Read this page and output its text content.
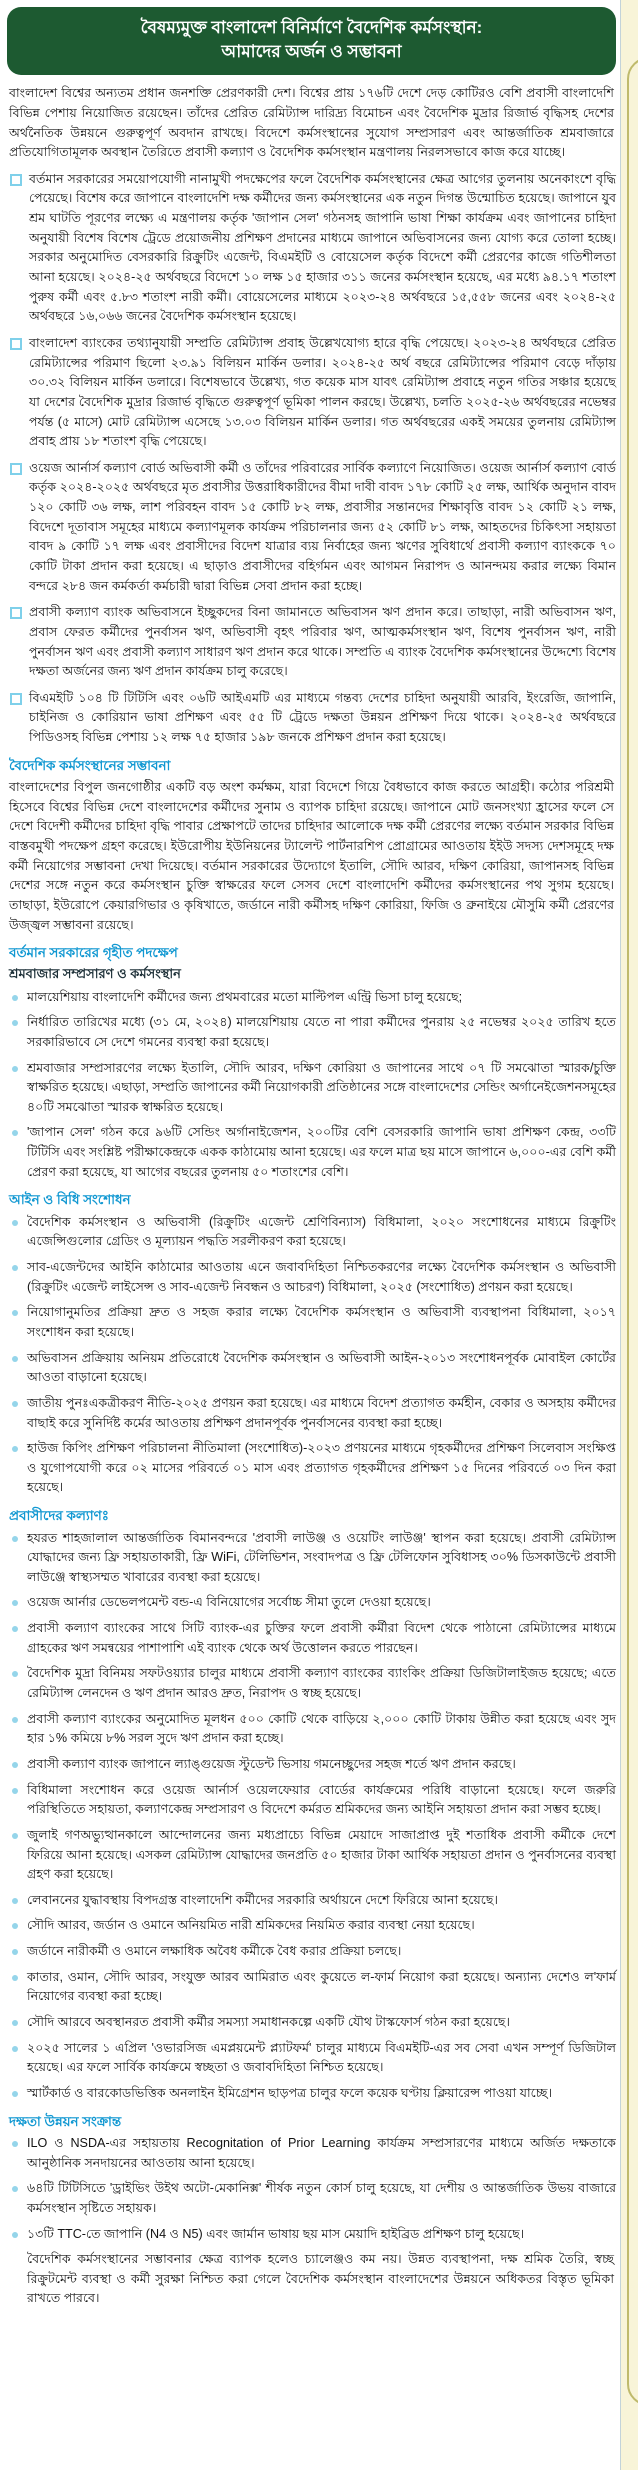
বৈষম্যমুক্ত বাংলাদেশ বিনির্মাণে বৈদেশিক কর্মসংস্থান:
আমাদের অর্জন ও সম্ভাবনা

বাংলাদেশ বিশ্বের অন্যতম প্রধান জনশক্তি প্রেরণকারী দেশ। বিশ্বের প্রায় ১৭৬টি দেশে দেড় কোটিরও বেশি প্রবাসী বাংলাদেশি বিভিন্ন পেশায় নিয়োজিত রয়েছেন। তাঁদের প্রেরিত রেমিট্যান্স দারিদ্র্য বিমোচন এবং বৈদেশিক মুদ্রার রিজার্ভ বৃদ্ধিসহ দেশের অর্থনৈতিক উন্নয়নে গুরুত্বপূর্ণ অবদান রাখছে। বিদেশে কর্মসংস্থানের সুযোগ সম্প্রসারণ এবং আন্তর্জাতিক শ্রমবাজারে প্রতিযোগিতামূলক অবস্থান তৈরিতে প্রবাসী কল্যাণ ও বৈদেশিক কর্মসংস্থান মন্ত্রণালয় নিরলসভাবে কাজ করে যাচ্ছে।

বর্তমান সরকারের সময়োপযোগী নানামুখী পদক্ষেপের ফলে বৈদেশিক কর্মসংস্থানের ক্ষেত্র আগের তুলনায় অনেকাংশে বৃদ্ধি পেয়েছে। বিশেষ করে জাপানে বাংলাদেশি দক্ষ কর্মীদের জন্য কর্মসংস্থানের এক নতুন দিগন্ত উন্মোচিত হয়েছে। জাপানে যুব শ্রম ঘাটতি পূরণের লক্ষ্যে এ মন্ত্রণালয় কর্তৃক 'জাপান সেল' গঠনসহ জাপানি ভাষা শিক্ষা কার্যক্রম এবং জাপানের চাহিদা অনুযায়ী বিশেষ বিশেষ ট্রেডে প্রয়োজনীয় প্রশিক্ষণ প্রদানের মাধ্যমে জাপানে অভিবাসনের জন্য যোগ্য করে তোলা হচ্ছে। সরকার অনুমোদিত বেসরকারি রিক্রুটিং এজেন্ট, বিএমইটি ও বোয়েসেল কর্তৃক বিদেশে কর্মী প্রেরণের কাজে গতিশীলতা আনা হয়েছে। ২০২৪-২৫ অর্থবছরে বিদেশে ১০ লক্ষ ১৫ হাজার ৩১১ জনের কর্মসংস্থান হয়েছে, এর মধ্যে ৯৪.১৭ শতাংশ পুরুষ কর্মী এবং ৫.৮৩ শতাংশ নারী কর্মী। বোয়েসেলের মাধ্যমে ২০২৩-২৪ অর্থবছরে ১৫,৫৫৮ জনের এবং ২০২৪-২৫ অর্থবছরে ১৬,০৬৬ জনের বৈদেশিক কর্মসংস্থান হয়েছে।
বাংলাদেশ ব্যাংকের তথ্যানুযায়ী সম্প্রতি রেমিট্যান্স প্রবাহ উল্লেখযোগ্য হারে বৃদ্ধি পেয়েছে। ২০২৩-২৪ অর্থবছরে প্রেরিত রেমিট্যান্সের পরিমাণ ছিলো ২৩.৯১ বিলিয়ন মার্কিন ডলার। ২০২৪-২৫ অর্থ বছরে রেমিট্যান্সের পরিমাণ বেড়ে দাঁড়ায় ৩০.৩২ বিলিয়ন মার্কিন ডলারে। বিশেষভাবে উল্লেখ্য, গত কয়েক মাস যাবৎ রেমিট্যান্স প্রবাহে নতুন গতির সঞ্চার হয়েছে যা দেশের বৈদেশিক মুদ্রার রিজার্ভ বৃদ্ধিতে গুরুত্বপূর্ণ ভূমিকা পালন করছে। উল্লেখ্য, চলতি ২০২৫-২৬ অর্থবছরের নভেম্বর পর্যন্ত (৫ মাসে) মোট রেমিট্যান্স এসেছে ১৩.০৩ বিলিয়ন মার্কিন ডলার। গত অর্থবছরের একই সময়ের তুলনায় রেমিট্যান্স প্রবাহ প্রায় ১৮ শতাংশ বৃদ্ধি পেয়েছে।
ওয়েজ আর্নার্স কল্যাণ বোর্ড অভিবাসী কর্মী ও তাঁদের পরিবারের সার্বিক কল্যাণে নিয়োজিত। ওয়েজ আর্নার্স কল্যাণ বোর্ড কর্তৃক ২০২৪-২০২৫ অর্থবছরে মৃত প্রবাসীর উত্তরাধিকারীদের বীমা দাবী বাবদ ১৭৮ কোটি ২৫ লক্ষ, আর্থিক অনুদান বাবদ ১২০ কোটি ৩৬ লক্ষ, লাশ পরিবহন বাবদ ১৫ কোটি ৮২ লক্ষ, প্রবাসীর সন্তানদের শিক্ষাবৃত্তি বাবদ ১২ কোটি ২১ লক্ষ, বিদেশে দূতাবাস সমূহের মাধ্যমে কল্যাণমূলক কার্যক্রম পরিচালনার জন্য ৫২ কোটি ৮১ লক্ষ, আহতদের চিকিৎসা সহায়তা বাবদ ৯ কোটি ১৭ লক্ষ এবং প্রবাসীদের বিদেশ যাত্রার ব্যয় নির্বাহের জন্য ঋণের সুবিধার্থে প্রবাসী কল্যাণ ব্যাংককে ৭০ কোটি টাকা প্রদান করা হয়েছে। এ ছাড়াও প্রবাসীদের বহির্গমন এবং আগমন নিরাপদ ও আনন্দময় করার লক্ষ্যে বিমান বন্দরে ২৮৪ জন কর্মকর্তা কর্মচারী দ্বারা বিভিন্ন সেবা প্রদান করা হচ্ছে।
প্রবাসী কল্যাণ ব্যাংক অভিবাসনে ইচ্ছুকদের বিনা জামানতে অভিবাসন ঋণ প্রদান করে। তাছাড়া, নারী অভিবাসন ঋণ, প্রবাস ফেরত কর্মীদের পুনর্বাসন ঋণ, অভিবাসী বৃহৎ পরিবার ঋণ, আত্মকর্মসংস্থান ঋণ, বিশেষ পুনর্বাসন ঋণ, নারী পুনর্বাসন ঋণ এবং প্রবাসী কল্যাণ সাধারণ ঋণ প্রদান করে থাকে। সম্প্রতি এ ব্যাংক বৈদেশিক কর্মসংস্থানের উদ্দেশ্যে বিশেষ দক্ষতা অর্জনের জন্য ঋণ প্রদান কার্যক্রম চালু করেছে।
বিএমইটি ১০৪ টি টিটিসি এবং ০৬টি আইএমটি এর মাধ্যমে গন্তব্য দেশের চাহিদা অনুযায়ী আরবি, ইংরেজি, জাপানি, চাইনিজ ও কোরিয়ান ভাষা প্রশিক্ষণ এবং ৫৫ টি ট্রেডে দক্ষতা উন্নয়ন প্রশিক্ষণ দিয়ে থাকে। ২০২৪-২৫ অর্থবছরে পিডিওসহ বিভিন্ন পেশায় ১২ লক্ষ ৭৫ হাজার ১৯৮ জনকে প্রশিক্ষণ প্রদান করা হয়েছে।
বৈদেশিক কর্মসংস্থানের সম্ভাবনা

বাংলাদেশের বিপুল জনগোষ্ঠীর একটি বড় অংশ কর্মক্ষম, যারা বিদেশে গিয়ে বৈধভাবে কাজ করতে আগ্রহী। কঠোর পরিশ্রমী হিসেবে বিশ্বের বিভিন্ন দেশে বাংলাদেশের কর্মীদের সুনাম ও ব্যাপক চাহিদা রয়েছে। জাপানে মোট জনসংখ্যা হ্রাসের ফলে সে দেশে বিদেশী কর্মীদের চাহিদা বৃদ্ধি পাবার প্রেক্ষাপটে তাদের চাহিদার আলোকে দক্ষ কর্মী প্রেরণের লক্ষ্যে বর্তমান সরকার বিভিন্ন বাস্তবমুখী পদক্ষেপ গ্রহণ করেছে। ইউরোপীয় ইউনিয়নের ট্যালেন্ট পার্টনারশিপ প্রোগ্রামের আওতায় ইইউ সদস্য দেশসমূহে দক্ষ কর্মী নিয়োগের সম্ভাবনা দেখা দিয়েছে। বর্তমান সরকারের উদ্যোগে ইতালি, সৌদি আরব, দক্ষিণ কোরিয়া, জাপানসহ বিভিন্ন দেশের সঙ্গে নতুন করে কর্মসংস্থান চুক্তি স্বাক্ষরের ফলে সেসব দেশে বাংলাদেশি কর্মীদের কর্মসংস্থানের পথ সুগম হয়েছে। তাছাড়া, ইউরোপে কেয়ারগিভার ও কৃষিখাতে, জর্ডানে নারী কর্মীসহ দক্ষিণ কোরিয়া, ফিজি ও ব্রুনাইয়ে মৌসুমি কর্মী প্রেরণের উজ্জ্বল সম্ভাবনা রয়েছে।

বর্তমান সরকারের গৃহীত পদক্ষেপ
শ্রমবাজার সম্প্রসারণ ও কর্মসংস্থান
মালয়েশিয়ায় বাংলাদেশি কর্মীদের জন্য প্রথমবারের মতো মাল্টিপল এন্ট্রি ভিসা চালু হয়েছে;
নির্ধারিত তারিখের মধ্যে (৩১ মে, ২০২৪) মালয়েশিয়ায় যেতে না পারা কর্মীদের পুনরায় ২৫ নভেম্বর ২০২৫ তারিখ হতে সরকারিভাবে সে দেশে গমনের ব্যবস্থা করা হয়েছে।
শ্রমবাজার সম্প্রসারণের লক্ষ্যে ইতালি, সৌদি আরব, দক্ষিণ কোরিয়া ও জাপানের সাথে ০৭ টি সমঝোতা স্মারক/চুক্তি স্বাক্ষরিত হয়েছে। এছাড়া, সম্প্রতি জাপানের কর্মী নিয়োগকারী প্রতিষ্ঠানের সঙ্গে বাংলাদেশের সেন্ডিং অর্গানেইজেশনসমূহের ৪০টি সমঝোতা স্মারক স্বাক্ষরিত হয়েছে।
'জাপান সেল' গঠন করে ৯৬টি সেন্ডিং অর্গানাইজেশন, ২০০টির বেশি বেসরকারি জাপানি ভাষা প্রশিক্ষণ কেন্দ্র, ৩৩টি টিটিসি এবং সংশ্লিষ্ট পরীক্ষাকেন্দ্রকে একক কাঠামোয় আনা হয়েছে। এর ফলে মাত্র ছয় মাসে জাপানে ৬,০০০-এর বেশি কর্মী প্রেরণ করা হয়েছে, যা আগের বছরের তুলনায় ৫০ শতাংশের বেশি।
আইন ও বিধি সংশোধন
বৈদেশিক কর্মসংস্থান ও অভিবাসী (রিক্রুটিং এজেন্ট শ্রেণিবিন্যাস) বিধিমালা, ২০২০ সংশোধনের মাধ্যমে রিক্রুটিং এজেন্সিগুলোর গ্রেডিং ও মূল্যায়ন পদ্ধতি সরলীকরণ করা হয়েছে।
সাব-এজেন্টদের আইনি কাঠামোর আওতায় এনে জবাবদিহিতা নিশ্চিতকরণের লক্ষ্যে বৈদেশিক কর্মসংস্থান ও অভিবাসী (রিক্রুটিং এজেন্ট লাইসেন্স ও সাব-এজেন্ট নিবন্ধন ও আচরণ) বিধিমালা, ২০২৫ (সংশোধিত) প্রণয়ন করা হয়েছে।
নিয়োগানুমতির প্রক্রিয়া দ্রুত ও সহজ করার লক্ষ্যে বৈদেশিক কর্মসংস্থান ও অভিবাসী ব্যবস্থাপনা বিধিমালা, ২০১৭ সংশোধন করা হয়েছে।
অভিবাসন প্রক্রিয়ায় অনিয়ম প্রতিরোধে বৈদেশিক কর্মসংস্থান ও অভিবাসী আইন-২০১৩ সংশোধনপূর্বক মোবাইল কোর্টের আওতা বাড়ানো হয়েছে।
জাতীয় পুনঃএকত্রীকরণ নীতি-২০২৫ প্রণয়ন করা হয়েছে। এর মাধ্যমে বিদেশ প্রত্যাগত কর্মহীন, বেকার ও অসহায় কর্মীদের বাছাই করে সুনির্দিষ্ট কর্মের আওতায় প্রশিক্ষণ প্রদানপূর্বক পুনর্বাসনের ব্যবস্থা করা হচ্ছে।
হাউজ কিপিং প্রশিক্ষণ পরিচালনা নীতিমালা (সংশোধিত)-২০২৩ প্রণয়নের মাধ্যমে গৃহকর্মীদের প্রশিক্ষণ সিলেবাস সংক্ষিপ্ত ও যুগোপযোগী করে ০২ মাসের পরিবর্তে ০১ মাস এবং প্রত্যাগত গৃহকর্মীদের প্রশিক্ষণ ১৫ দিনের পরিবর্তে ০৩ দিন করা হয়েছে।
প্রবাসীদের কল্যাণঃ
হযরত শাহজালাল আন্তর্জাতিক বিমানবন্দরে 'প্রবাসী লাউঞ্জ ও ওয়েটিং লাউঞ্জ' স্থাপন করা হয়েছে। প্রবাসী রেমিট্যান্স যোদ্ধাদের জন্য ফ্রি সহায়তাকারী, ফ্রি WiFi, টেলিভিশন, সংবাদপত্র ও ফ্রি টেলিফোন সুবিধাসহ ৩০% ডিসকাউন্টে প্রবাসী লাউঞ্জে স্বাস্থ্যসম্মত খাবারের ব্যবস্থা করা হয়েছে।
ওয়েজ আর্নার ডেভেলপমেন্ট বন্ড-এ বিনিয়োগের সর্বোচ্চ সীমা তুলে দেওয়া হয়েছে।
প্রবাসী কল্যাণ ব্যাংকের সাথে সিটি ব্যাংক-এর চুক্তির ফলে প্রবাসী কর্মীরা বিদেশ থেকে পাঠানো রেমিট্যান্সের মাধ্যমে গ্রাহকের ঋণ সমন্বয়ের পাশাপাশি এই ব্যাংক থেকে অর্থ উত্তোলন করতে পারছেন।
বৈদেশিক মুদ্রা বিনিময় সফটওয়্যার চালুর মাধ্যমে প্রবাসী কল্যাণ ব্যাংকের ব্যাংকিং প্রক্রিয়া ডিজিটালাইজড হয়েছে; এতে রেমিট্যান্স লেনদেন ও ঋণ প্রদান আরও দ্রুত, নিরাপদ ও স্বচ্ছ হয়েছে।
প্রবাসী কল্যাণ ব্যাংকের অনুমোদিত মূলধন ৫০০ কোটি থেকে বাড়িয়ে ২,০০০ কোটি টাকায় উন্নীত করা হয়েছে এবং সুদ হার ১% কমিয়ে ৮% সরল সুদে ঋণ প্রদান করা হচ্ছে।
প্রবাসী কল্যাণ ব্যাংক জাপানে ল্যাঙ্গুয়েজ স্টুডেন্ট ভিসায় গমনেচ্ছুদের সহজ শর্তে ঋণ প্রদান করছে।
বিধিমালা সংশোধন করে ওয়েজ আর্নার্স ওয়েলফেয়ার বোর্ডের কার্যক্রমের পরিধি বাড়ানো হয়েছে। ফলে জরুরি পরিস্থিতিতে সহায়তা, কল্যাণকেন্দ্র সম্প্রসারণ ও বিদেশে কর্মরত শ্রমিকদের জন্য আইনি সহায়তা প্রদান করা সম্ভব হচ্ছে।
জুলাই গণঅভ্যুত্থানকালে আন্দোলনের জন্য মধ্যপ্রাচ্যে বিভিন্ন মেয়াদে সাজাপ্রাপ্ত দুই শতাধিক প্রবাসী কর্মীকে দেশে ফিরিয়ে আনা হয়েছে। এসকল রেমিট্যান্স যোদ্ধাদের জনপ্রতি ৫০ হাজার টাকা আর্থিক সহায়তা প্রদান ও পুনর্বাসনের ব্যবস্থা গ্রহণ করা হয়েছে।
লেবাননের যুদ্ধাবস্থায় বিপদগ্রস্ত বাংলাদেশি কর্মীদের সরকারি অর্থায়নে দেশে ফিরিয়ে আনা হয়েছে।
সৌদি আরব, জর্ডান ও ওমানে অনিয়মিত নারী শ্রমিকদের নিয়মিত করার ব্যবস্থা নেয়া হয়েছে।
জর্ডানে নারীকর্মী ও ওমানে লক্ষাধিক অবৈধ কর্মীকে বৈধ করার প্রক্রিয়া চলছে।
কাতার, ওমান, সৌদি আরব, সংযুক্ত আরব আমিরাত এবং কুয়েতে ল-ফার্ম নিয়োগ করা হয়েছে। অন্যান্য দেশেও ল'ফার্ম নিয়োগের ব্যবস্থা করা হচ্ছে।
সৌদি আরবে অবস্থানরত প্রবাসী কর্মীর সমস্যা সমাধানকল্পে একটি যৌথ টাস্কফোর্স গঠন করা হয়েছে।
২০২৫ সালের ১ এপ্রিল 'ওভারসিজ এমপ্লয়মেন্ট প্ল্যাটফর্ম' চালুর মাধ্যমে বিএমইটি-এর সব সেবা এখন সম্পূর্ণ ডিজিটাল হয়েছে। এর ফলে সার্বিক কার্যক্রমে স্বচ্ছতা ও জবাবদিহিতা নিশ্চিত হয়েছে।
স্মার্টকার্ড ও বারকোডভিত্তিক অনলাইন ইমিগ্রেশন ছাড়পত্র চালুর ফলে কয়েক ঘণ্টায় ক্লিয়ারেন্স পাওয়া যাচ্ছে।
দক্ষতা উন্নয়ন সংক্রান্ত
ILO ও NSDA-এর সহায়তায় Recognitation of Prior Learning কার্যক্রম সম্প্রসারণের মাধ্যমে অর্জিত দক্ষতাকে আনুষ্ঠানিক সনদায়নের আওতায় আনা হয়েছে।
৬৪টি টিটিসিতে 'ড্রাইভিং উইথ অটো-মেকানিক্স' শীর্ষক নতুন কোর্স চালু হয়েছে, যা দেশীয় ও আন্তর্জাতিক উভয় বাজারে কর্মসংস্থান সৃষ্টিতে সহায়ক।
১৩টি TTC-তে জাপানি (N4 ও N5) এবং জার্মান ভাষায় ছয় মাস মেয়াদি হাইব্রিড প্রশিক্ষণ চালু হয়েছে।

বৈদেশিক কর্মসংস্থানের সম্ভাবনার ক্ষেত্র ব্যাপক হলেও চ্যালেঞ্জও কম নয়। উন্নত ব্যবস্থাপনা, দক্ষ শ্রমিক তৈরি, স্বচ্ছ রিক্রুটমেন্ট ব্যবস্থা ও কর্মী সুরক্ষা নিশ্চিত করা গেলে বৈদেশিক কর্মসংস্থান বাংলাদেশের উন্নয়নে অধিকতর বিস্তৃত ভূমিকা রাখতে পারবে।
